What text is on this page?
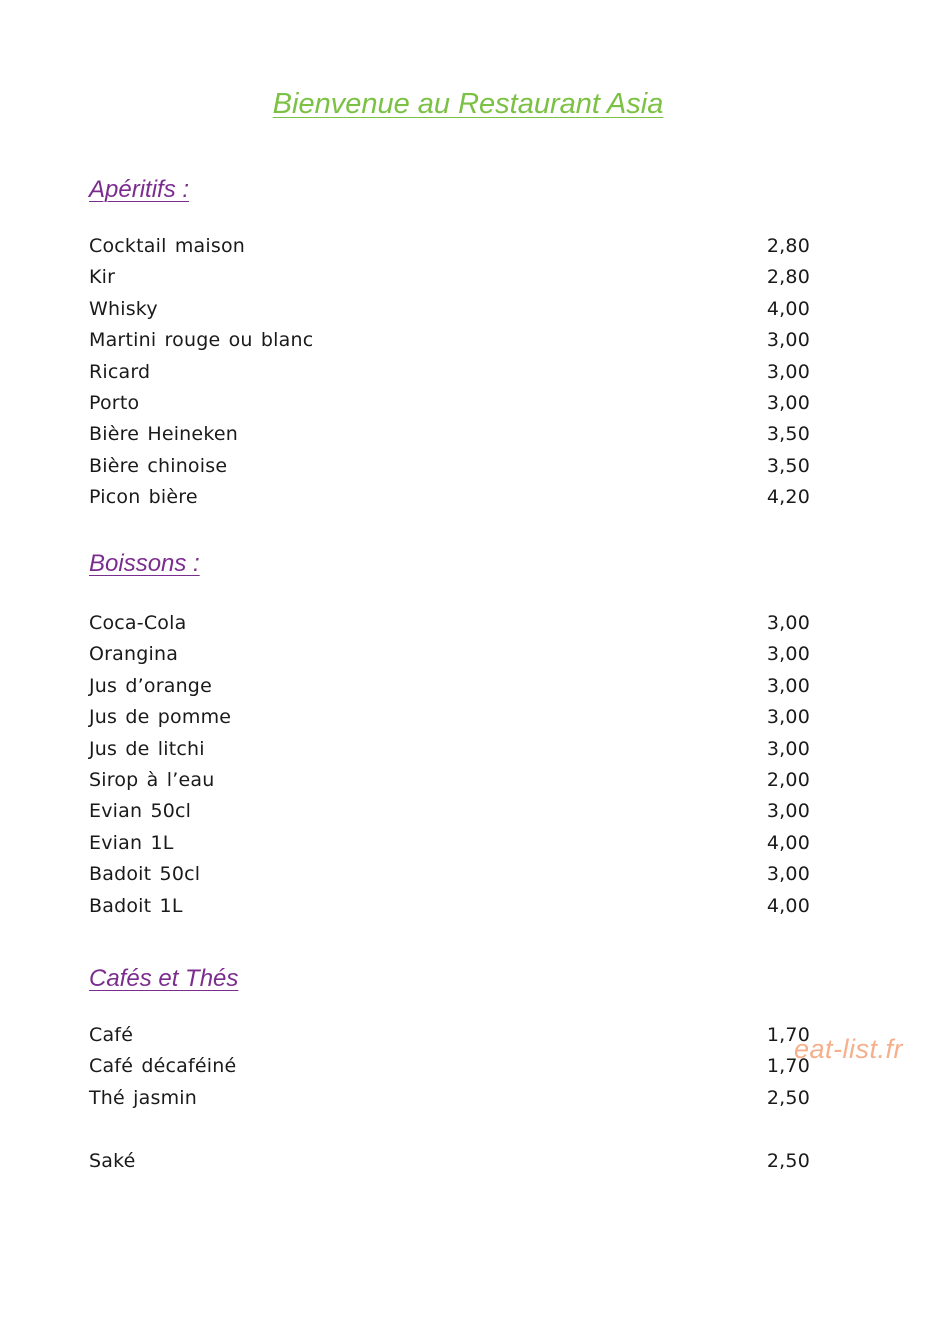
Bienvenue au Restaurant Asia
Apéritifs :
Cocktail maison	2,80
Kir	2,80
Whisky	4,00
Martini rouge ou blanc	3,00
Ricard	3,00
Porto	3,00
Bière Heineken	3,50
Bière chinoise	3,50
Picon bière	4,20
Boissons :
Coca-Cola	3,00
Orangina	3,00
Jus d’orange	3,00
Jus de pomme	3,00
Jus de litchi	3,00
Sirop à l’eau	2,00
Evian 50cl	3,00
Evian 1L	4,00
Badoit 50cl	3,00
Badoit 1L	4,00
Cafés et Thés
Café	1,70
Café décaféiné	1,70
Thé jasmin	2,50
Saké	2,50
eat-list.fr
